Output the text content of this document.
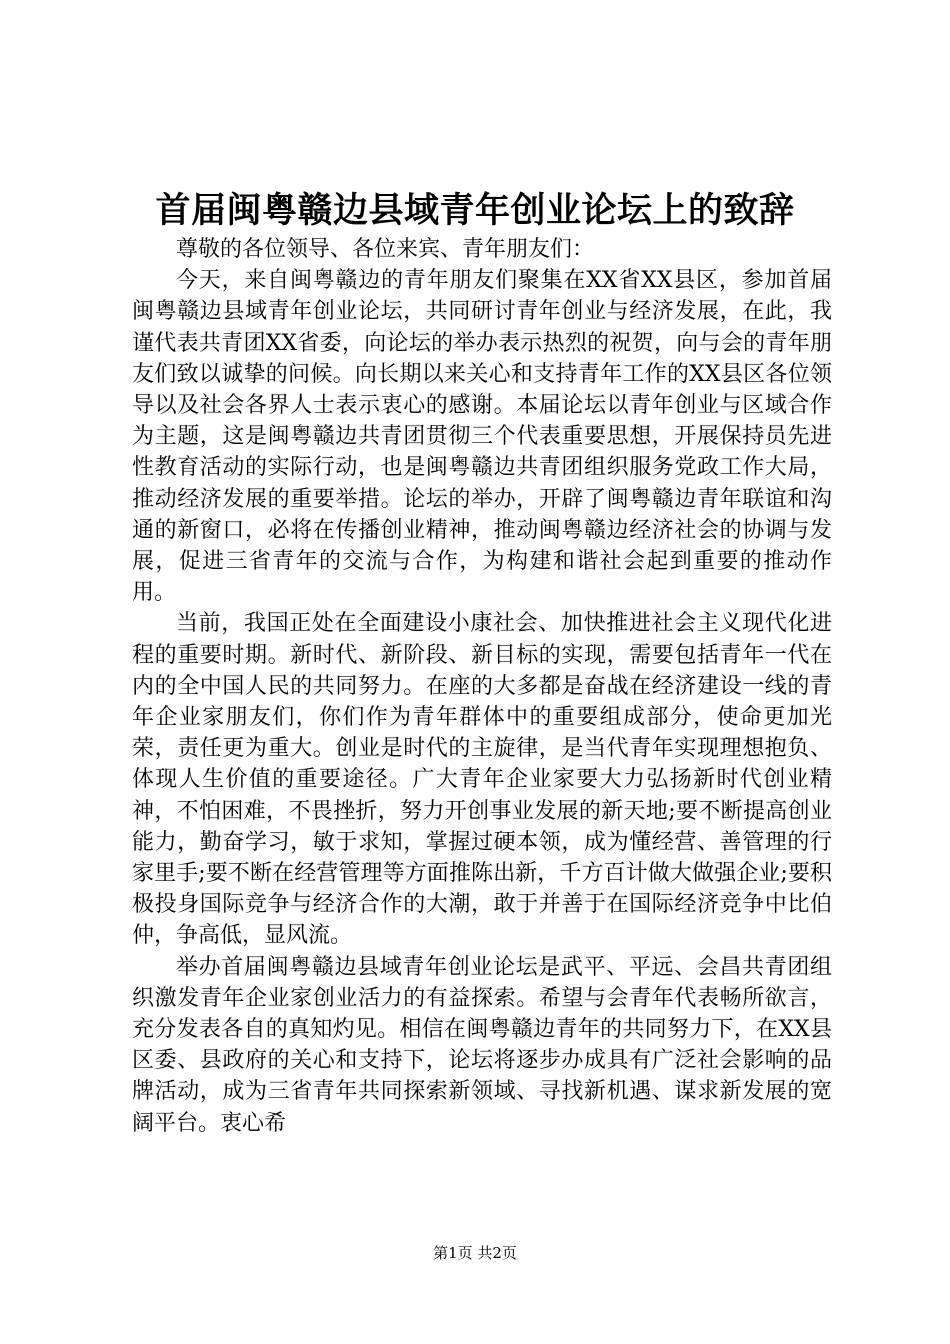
首届闽粤赣边县域青年创业论坛上的致辞

尊敬的各位领导、各位来宾、青年朋友们：

今天，来自闽粤赣边的青年朋友们聚集在XX省XX县区，参加首届闽粤赣边县域青年创业论坛，共同研讨青年创业与经济发展，在此，我谨代表共青团XX省委，向论坛的举办表示热烈的祝贺，向与会的青年朋友们致以诚挚的问候。向长期以来关心和支持青年工作的XX县区各位领导以及社会各界人士表示衷心的感谢。本届论坛以青年创业与区域合作为主题，这是闽粤赣边共青团贯彻三个代表重要思想，开展保持员先进性教育活动的实际行动，也是闽粤赣边共青团组织服务党政工作大局，推动经济发展的重要举措。论坛的举办，开辟了闽粤赣边青年联谊和沟通的新窗口，必将在传播创业精神，推动闽粤赣边经济社会的协调与发展，促进三省青年的交流与合作，为构建和谐社会起到重要的推动作用。

当前，我国正处在全面建设小康社会、加快推进社会主义现代化进程的重要时期。新时代、新阶段、新目标的实现，需要包括青年一代在内的全中国人民的共同努力。在座的大多都是奋战在经济建设一线的青年企业家朋友们，你们作为青年群体中的重要组成部分，使命更加光荣，责任更为重大。创业是时代的主旋律，是当代青年实现理想抱负、体现人生价值的重要途径。广大青年企业家要大力弘扬新时代创业精神，不怕困难，不畏挫折，努力开创事业发展的新天地;要不断提高创业能力，勤奋学习，敏于求知，掌握过硬本领，成为懂经营、善管理的行家里手;要不断在经营管理等方面推陈出新，千方百计做大做强企业;要积极投身国际竞争与经济合作的大潮，敢于并善于在国际经济竞争中比伯仲，争高低，显风流。

举办首届闽粤赣边县域青年创业论坛是武平、平远、会昌共青团组织激发青年企业家创业活力的有益探索。希望与会青年代表畅所欲言，充分发表各自的真知灼见。相信在闽粤赣边青年的共同努力下，在XX县区委、县政府的关心和支持下，论坛将逐步办成具有广泛社会影响的品牌活动，成为三省青年共同探索新领域、寻找新机遇、谋求新发展的宽阔平台。衷心希

第1页 共2页
